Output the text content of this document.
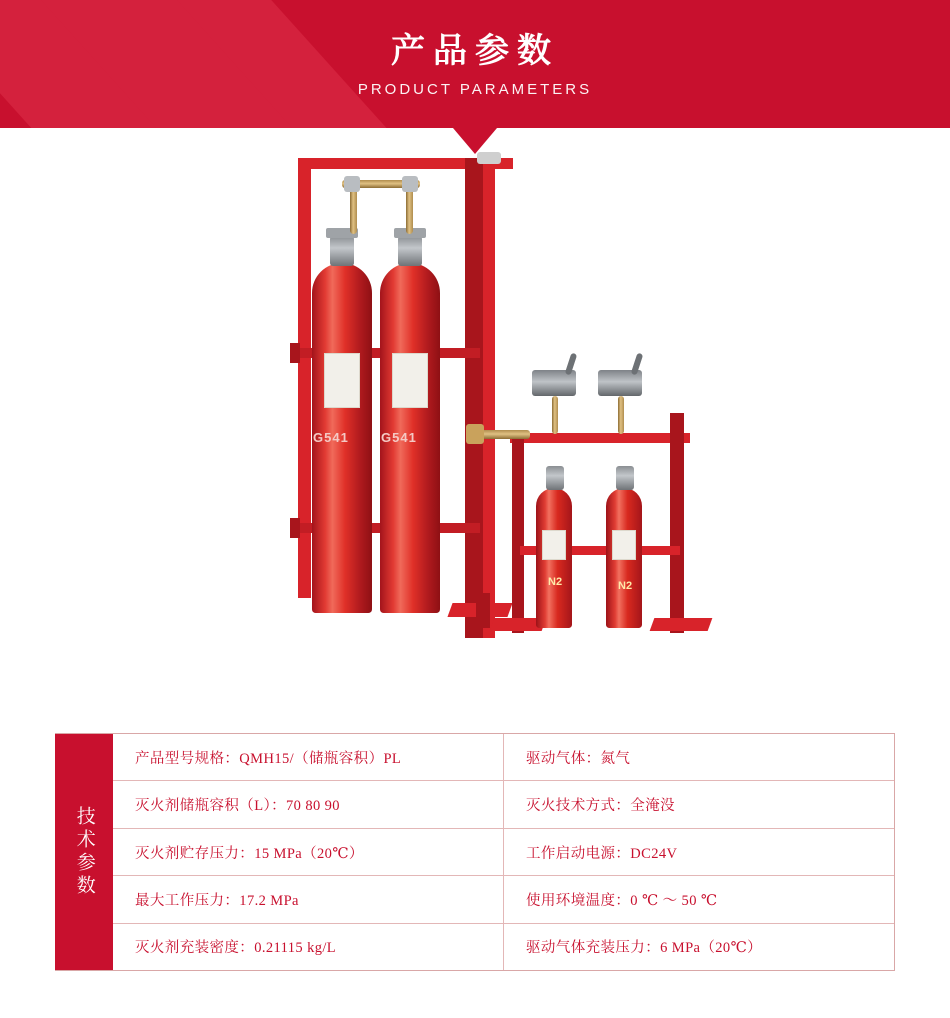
产品参数
PRODUCT PARAMETERS
G541 G541
N2	N2
技术参数
产品型号规格：QMH15/（储瓶容积）PL	驱动气体：氮气
灭火剂储瓶容积（L）：70 80 90	灭火技术方式：全淹没
灭火剂贮存压力：15 MPa（20℃）	工作启动电源：DC24V
最大工作压力：17.2 MPa	使用环境温度：0 ℃ ～ 50 ℃
灭火剂充装密度：0.21115 kg/L	驱动气体充装压力：6 MPa（20℃）
